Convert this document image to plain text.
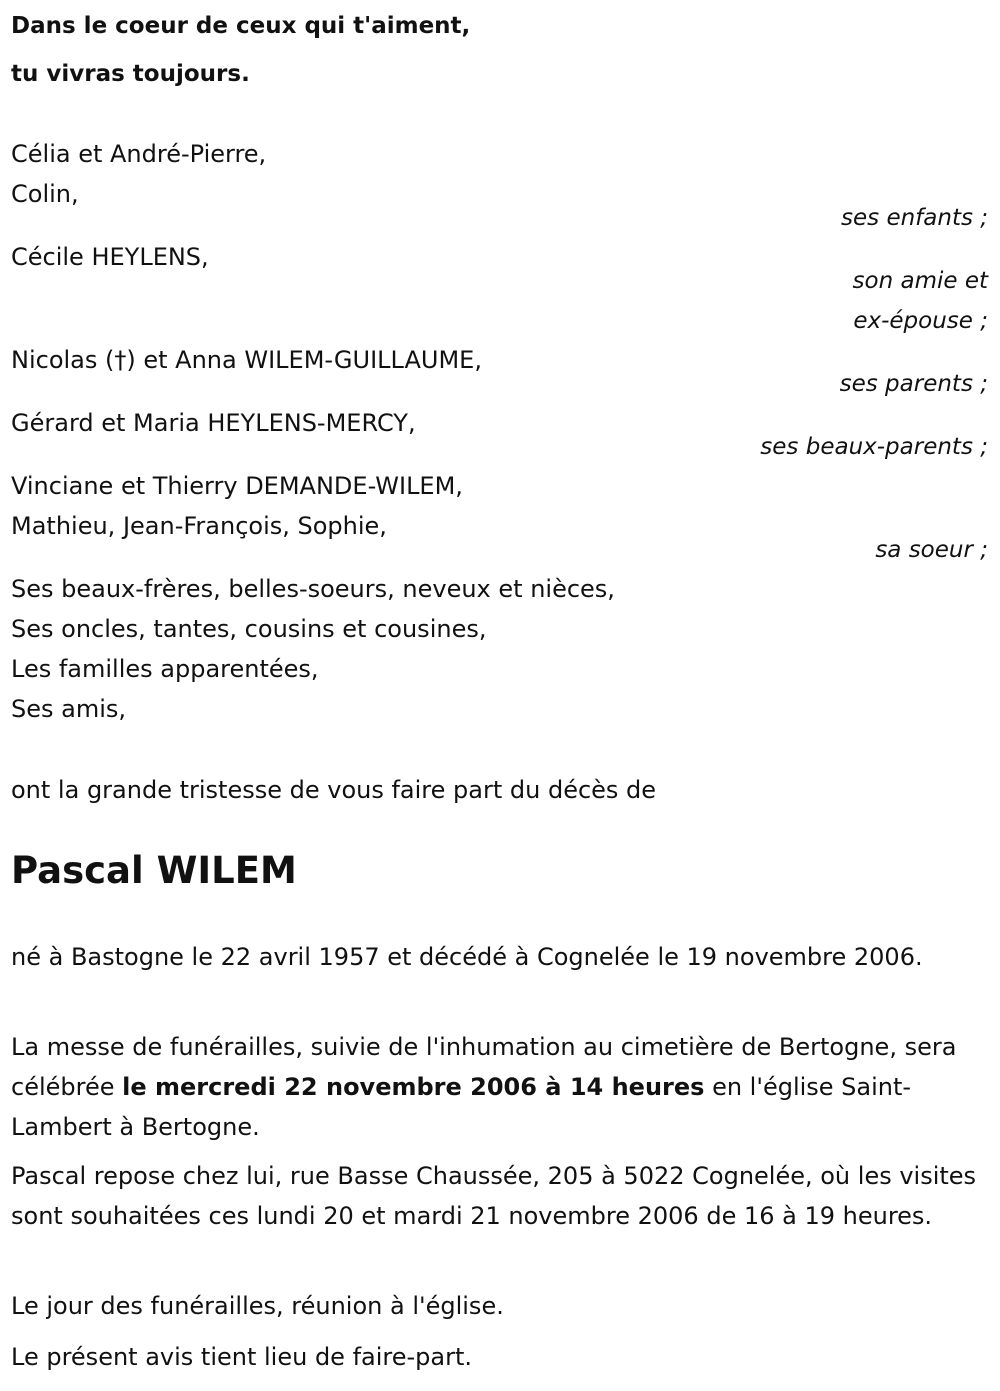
Dans le coeur de ceux qui t'aiment,
tu vivras toujours.
Célia et André-Pierre,
Colin,
ses enfants ;
Cécile HEYLENS,
son amie et
ex-épouse ;
Nicolas (†) et Anna WILEM-GUILLAUME,
ses parents ;
Gérard et Maria HEYLENS-MERCY,
ses beaux-parents ;
Vinciane et Thierry DEMANDE-WILEM,
Mathieu, Jean-François, Sophie,
sa soeur ;
Ses beaux-frères, belles-soeurs, neveux et nièces,
Ses oncles, tantes, cousins et cousines,
Les familles apparentées,
Ses amis,
ont la grande tristesse de vous faire part du décès de
Pascal WILEM
né à Bastogne le 22 avril 1957 et décédé à Cognelée le 19 novembre 2006.
La messe de funérailles, suivie de l'inhumation au cimetière de Bertogne, sera célébrée le mercredi 22 novembre 2006 à 14 heures en l'église Saint-Lambert à Bertogne.
Pascal repose chez lui, rue Basse Chaussée, 205 à 5022 Cognelée, où les visites sont souhaitées ces lundi 20 et mardi 21 novembre 2006 de 16 à 19 heures.
Le jour des funérailles, réunion à l'église.
Le présent avis tient lieu de faire-part.
